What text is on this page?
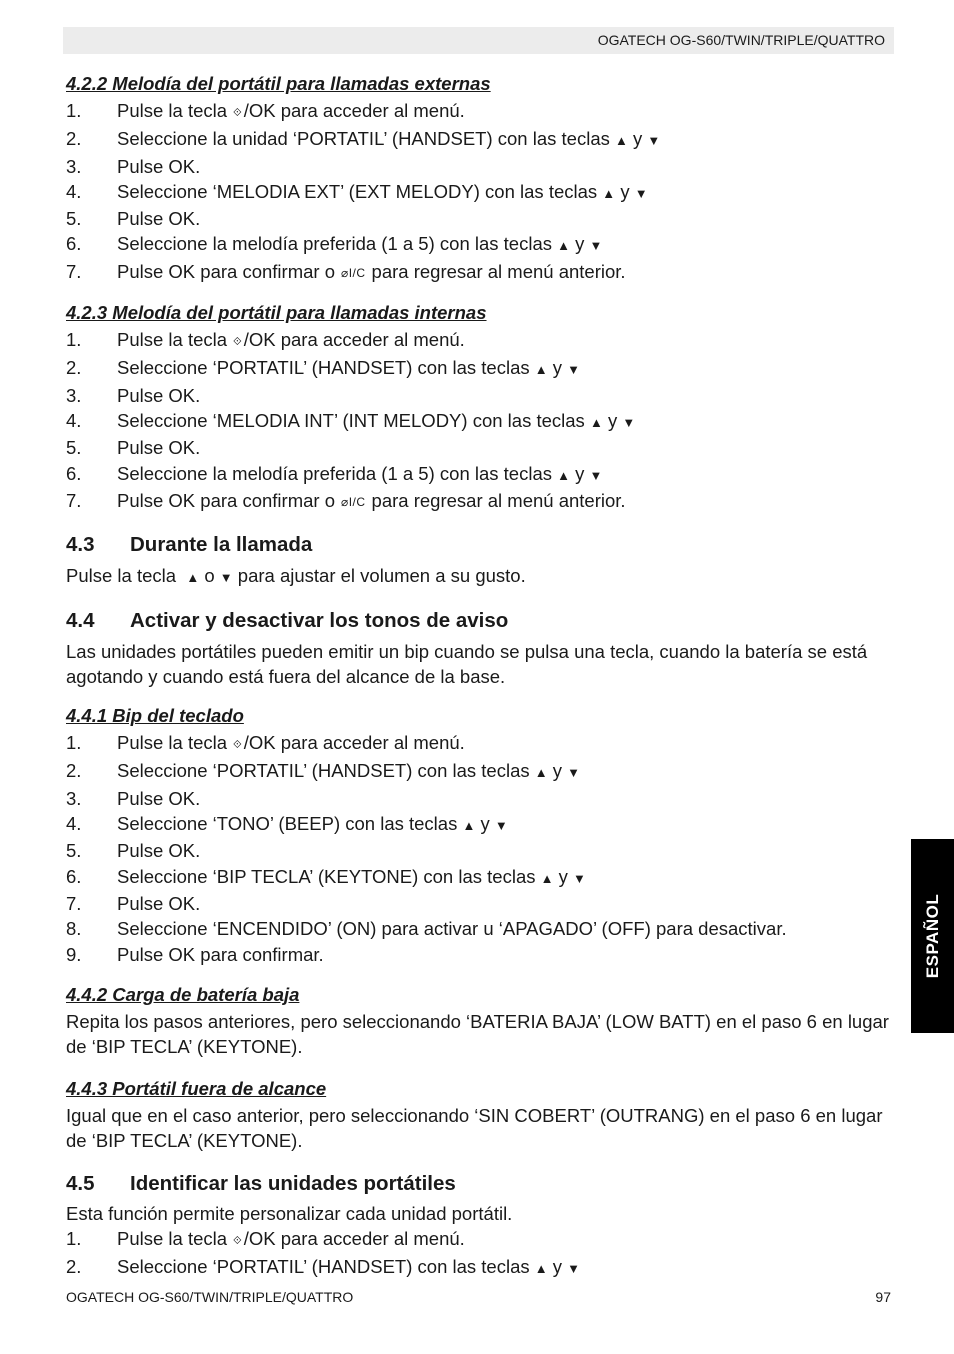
OGATECH OG-S60/TWIN/TRIPLE/QUATTRO
ESPAÑOL
4.2.2 Melodía del portátil para llamadas externas
1.	Pulse la tecla ⟐ /OK para acceder al menú.
2.	Seleccione la unidad ‘PORTATIL’ (HANDSET) con las teclas ▲ y ▼
3.	Pulse OK.
4.	Seleccione ‘MELODIA EXT’ (EXT MELODY) con las teclas ▲ y ▼
5.	Pulse OK.
6.	Seleccione la melodía preferida (1 a 5) con las teclas ▲ y ▼
7.	Pulse OK para confirmar o ⌀I/C para regresar al menú anterior.
4.2.3 Melodía del portátil para llamadas internas
1.	Pulse la tecla ⟐ /OK para acceder al menú.
2.	Seleccione ‘PORTATIL’ (HANDSET) con las teclas ▲ y ▼
3.	Pulse OK.
4.	Seleccione ‘MELODIA INT’ (INT MELODY) con las teclas ▲ y ▼
5.	Pulse OK.
6.	Seleccione la melodía preferida (1 a 5) con las teclas ▲ y ▼
7.	Pulse OK para confirmar o ⌀I/C para regresar al menú anterior.
4.3	Durante la llamada

Pulse la tecla ▲ o ▼ para ajustar el volumen a su gusto.

4.4	Activar y desactivar los tonos de aviso

Las unidades portátiles pueden emitir un bip cuando se pulsa una tecla, cuando la batería se está agotando y cuando está fuera del alcance de la base.

4.4.1 Bip del teclado
1.	Pulse la tecla ⟐ /OK para acceder al menú.
2.	Seleccione ‘PORTATIL’ (HANDSET) con las teclas ▲ y ▼
3.	Pulse OK.
4.	Seleccione ‘TONO’ (BEEP) con las teclas ▲ y ▼
5.	Pulse OK.
6.	Seleccione ‘BIP TECLA’ (KEYTONE) con las teclas ▲ y ▼
7.	Pulse OK.
8.	Seleccione ‘ENCENDIDO’ (ON) para activar u ‘APAGADO’ (OFF) para desactivar.
9.	Pulse OK para confirmar.
4.4.2 Carga de batería baja

Repita los pasos anteriores, pero seleccionando ‘BATERIA BAJA’ (LOW BATT) en el paso 6 en lugar de ‘BIP TECLA’ (KEYTONE).

4.4.3 Portátil fuera de alcance

Igual que en el caso anterior, pero seleccionando ‘SIN COBERT’ (OUTRANG) en el paso 6 en lugar de ‘BIP TECLA’ (KEYTONE).

4.5	Identificar las unidades portátiles

Esta función permite personalizar cada unidad portátil.

1.	Pulse la tecla ⟐ /OK para acceder al menú.
2.	Seleccione ‘PORTATIL’ (HANDSET) con las teclas ▲ y ▼
OGATECH OG-S60/TWIN/TRIPLE/QUATTRO	97
